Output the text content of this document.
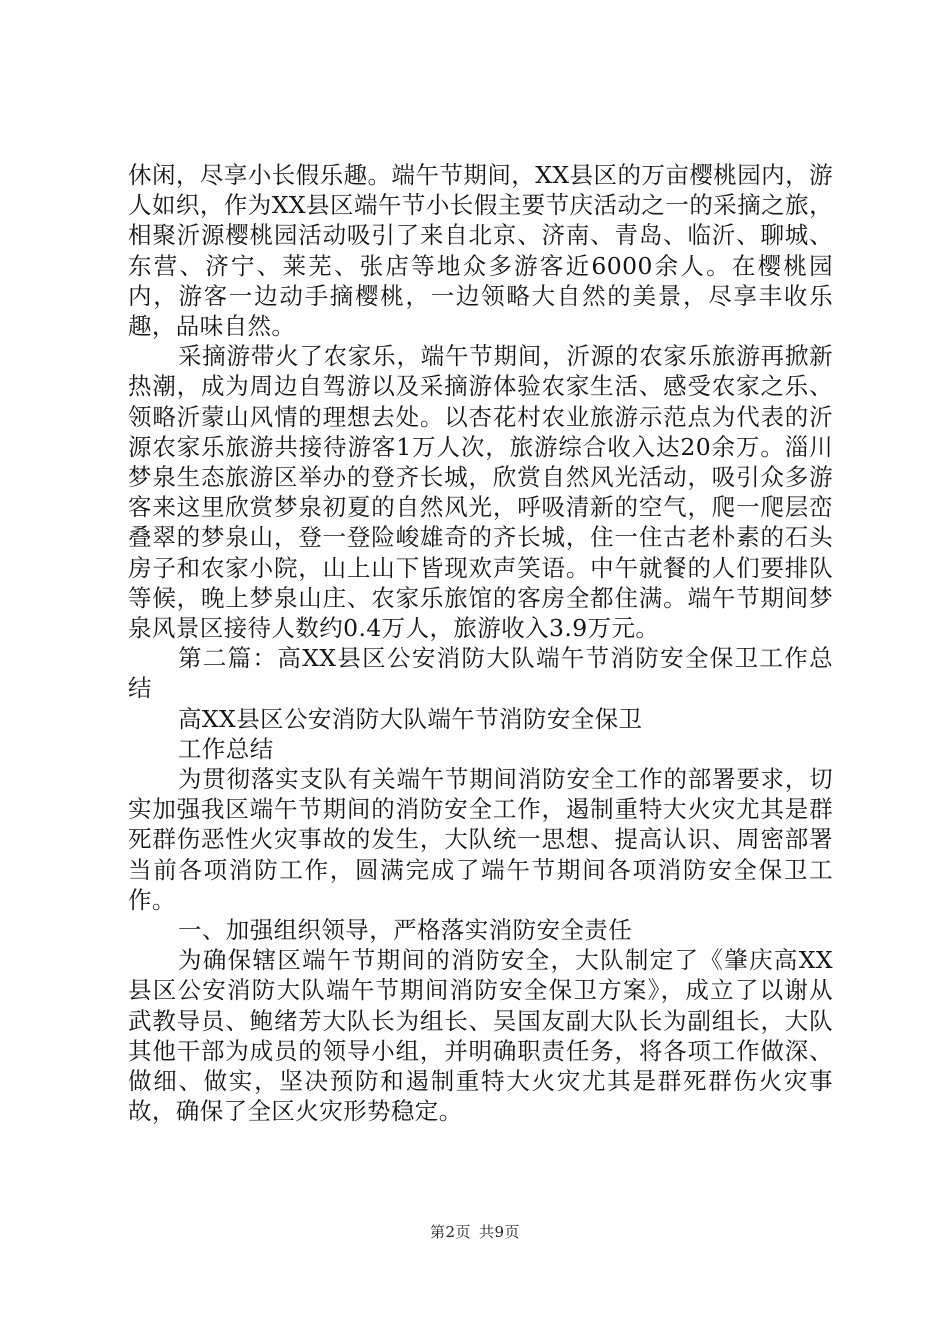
休闲，尽享小长假乐趣。端午节期间，XX县区的万亩樱桃园内，游人如织，作为XX县区端午节小长假主要节庆活动之一的采摘之旅，相聚沂源樱桃园活动吸引了来自北京、济南、青岛、临沂、聊城、东营、济宁、莱芜、张店等地众多游客近6000余人。在樱桃园内，游客一边动手摘樱桃，一边领略大自然的美景，尽享丰收乐趣，品味自然。

采摘游带火了农家乐，端午节期间，沂源的农家乐旅游再掀新热潮，成为周边自驾游以及采摘游体验农家生活、感受农家之乐、领略沂蒙山风情的理想去处。以杏花村农业旅游示范点为代表的沂源农家乐旅游共接待游客1万人次，旅游综合收入达20余万。淄川梦泉生态旅游区举办的登齐长城，欣赏自然风光活动，吸引众多游客来这里欣赏梦泉初夏的自然风光，呼吸清新的空气，爬一爬层峦叠翠的梦泉山，登一登险峻雄奇的齐长城，住一住古老朴素的石头房子和农家小院，山上山下皆现欢声笑语。中午就餐的人们要排队等候，晚上梦泉山庄、农家乐旅馆的客房全都住满。端午节期间梦泉风景区接待人数约0.4万人，旅游收入3.9万元。

第二篇：高XX县区公安消防大队端午节消防安全保卫工作总结

高XX县区公安消防大队端午节消防安全保卫

工作总结

为贯彻落实支队有关端午节期间消防安全工作的部署要求，切实加强我区端午节期间的消防安全工作，遏制重特大火灾尤其是群死群伤恶性火灾事故的发生，大队统一思想、提高认识、周密部署当前各项消防工作，圆满完成了端午节期间各项消防安全保卫工作。

一、加强组织领导，严格落实消防安全责任

为确保辖区端午节期间的消防安全，大队制定了《肇庆高XX县区公安消防大队端午节期间消防安全保卫方案》，成立了以谢从武教导员、鲍绪芳大队长为组长、吴国友副大队长为副组长，大队其他干部为成员的领导小组，并明确职责任务，将各项工作做深、做细、做实，坚决预防和遏制重特大火灾尤其是群死群伤火灾事故，确保了全区火灾形势稳定。

第2页 共9页
